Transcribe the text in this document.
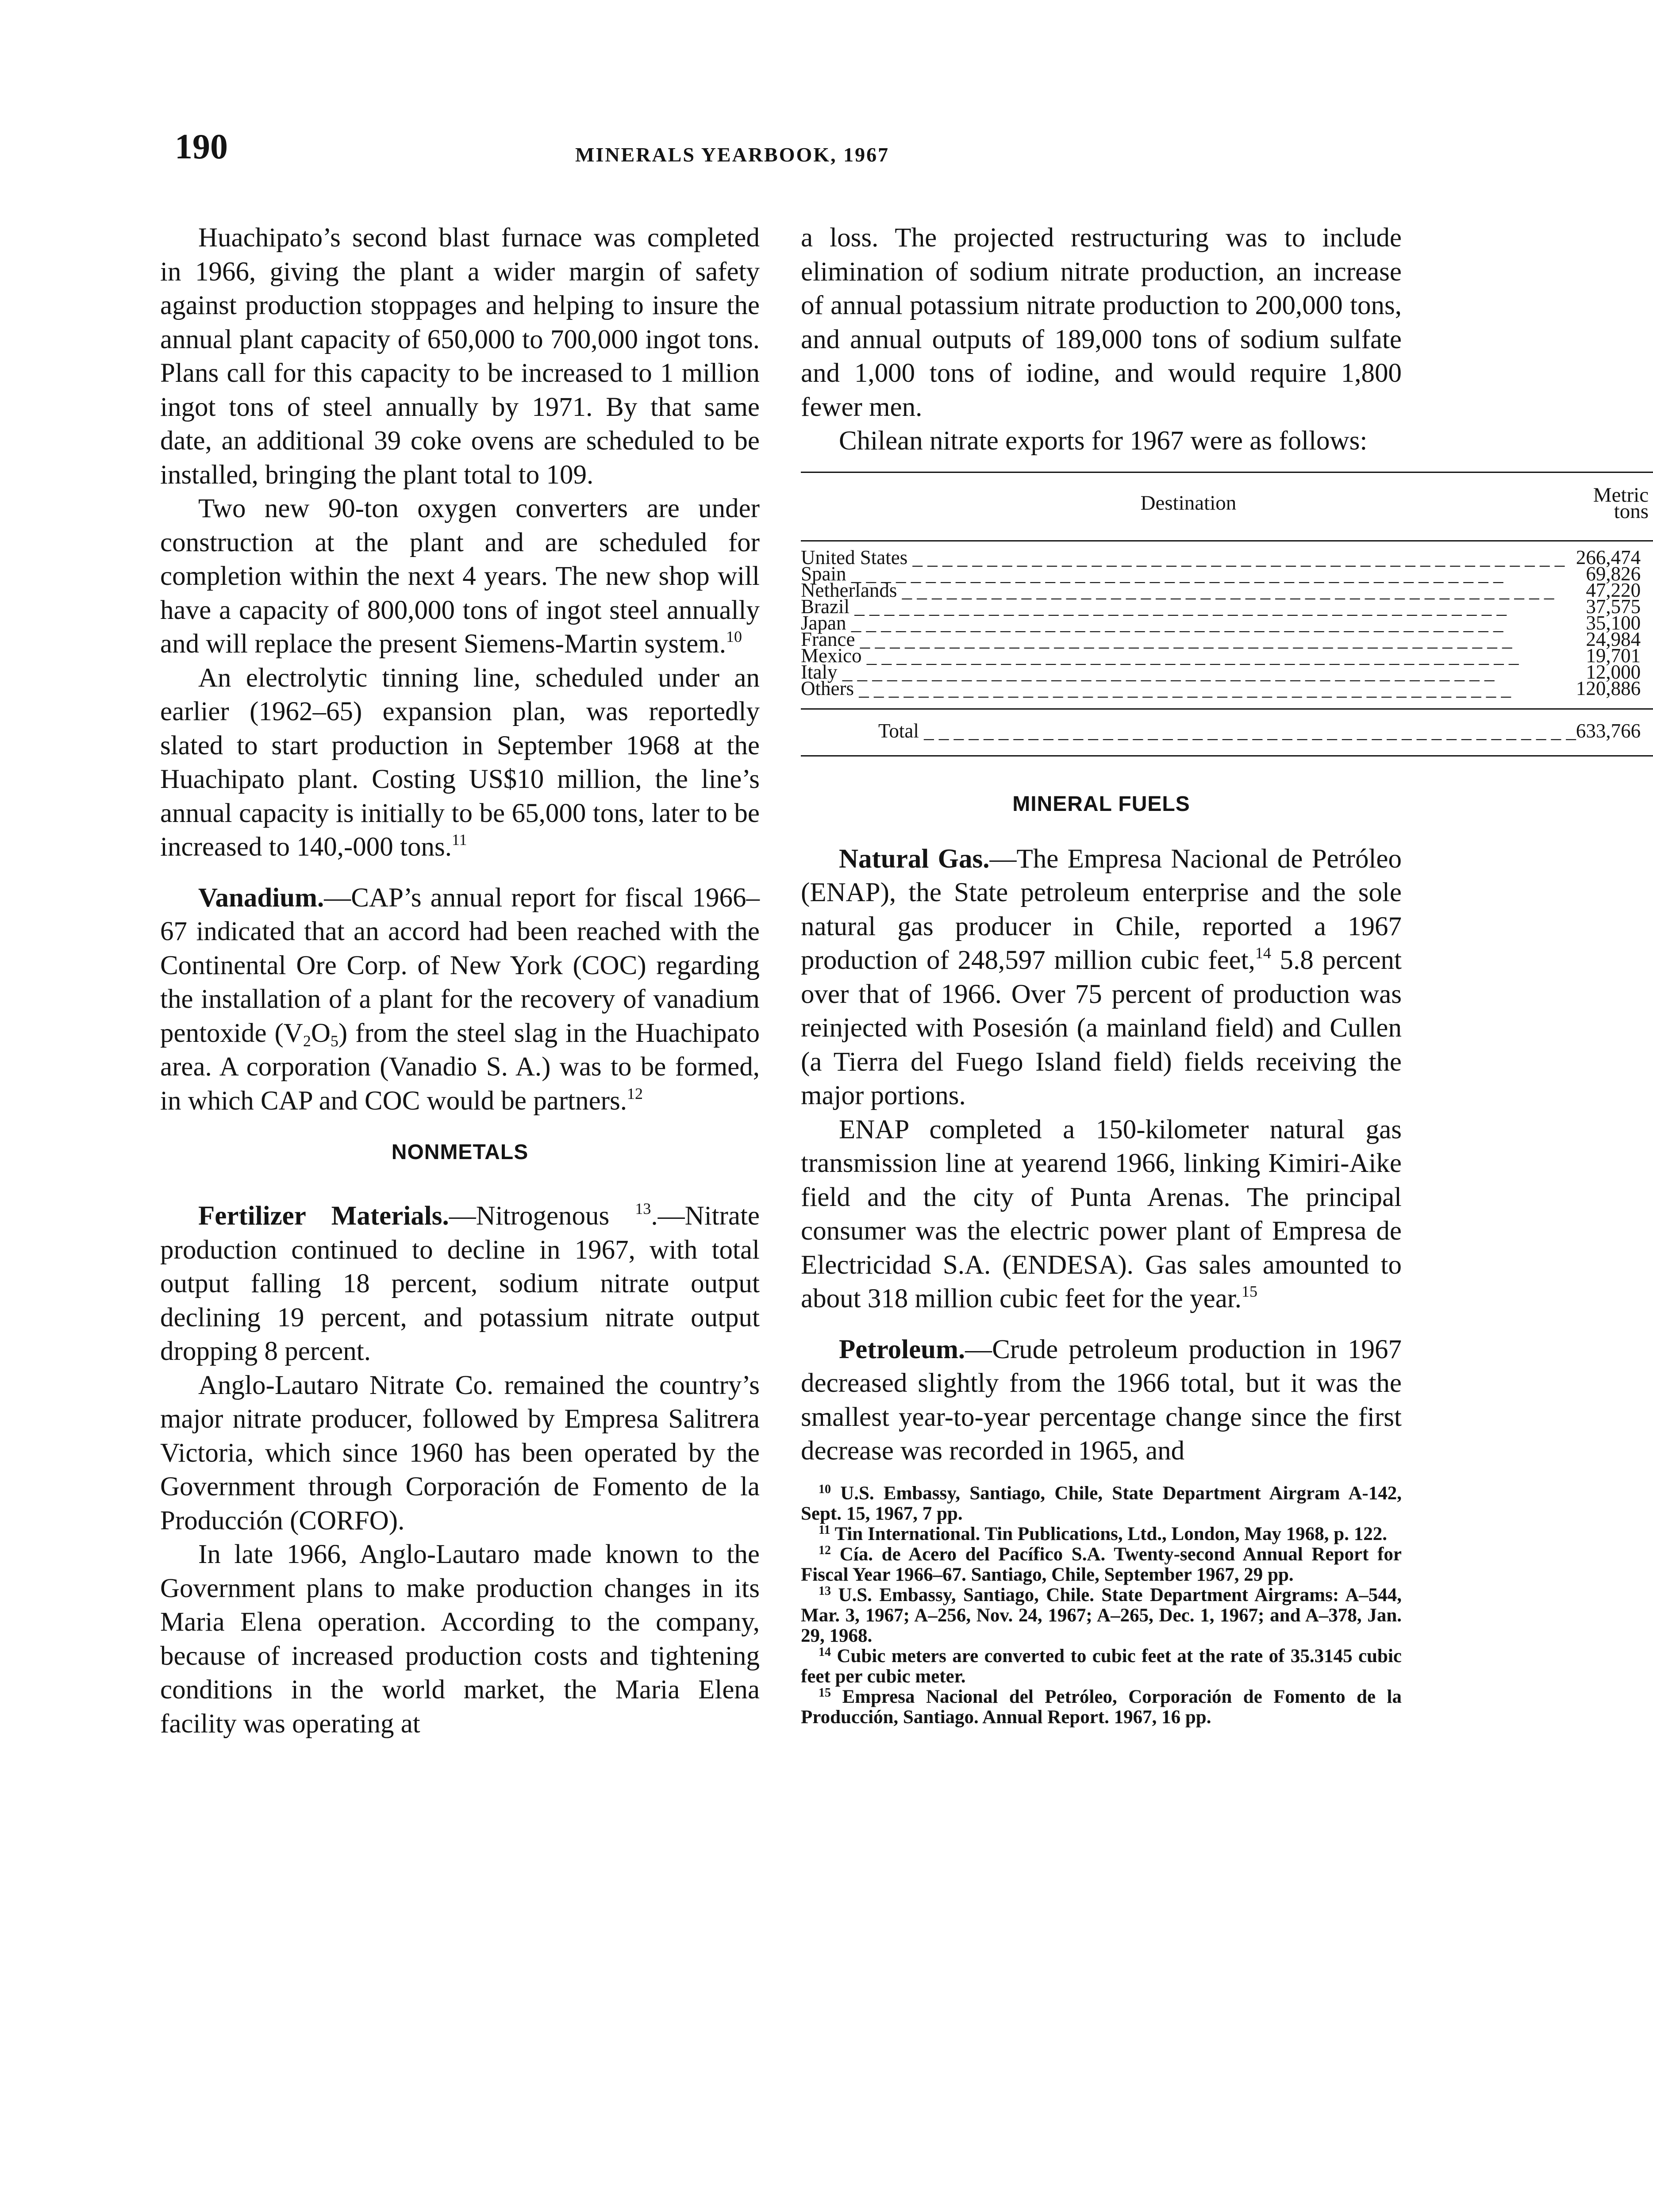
190	MINERALS YEARBOOK, 1967

Huachipato’s second blast furnace was completed in 1966, giving the plant a wider margin of safety against production stoppages and helping to insure the annual plant capacity of 650,000 to 700,000 ingot tons. Plans call for this capacity to be increased to 1 million ingot tons of steel annually by 1971. By that same date, an additional 39 coke ovens are scheduled to be installed, bringing the plant total to 109.

Two new 90-ton oxygen converters are under construction at the plant and are scheduled for completion within the next 4 years. The new shop will have a capacity of 800,000 tons of ingot steel annually and will replace the present Siemens-Martin system.$^{10}$

An electrolytic tinning line, scheduled under an earlier (1962–65) expansion plan, was reportedly slated to start production in September 1968 at the Huachipato plant. Costing US$10 million, the line’s annual capacity is initially to be 65,000 tons, later to be increased to 140,-000 tons.$^{11}$

Vanadium.—CAP’s annual report for fiscal 1966–67 indicated that an accord had been reached with the Continental Ore Corp. of New York (COC) regarding the installation of a plant for the recovery of vanadium pentoxide $(V_2O_5)$ from the steel slag in the Huachipato area. A corporation (Vanadio S. A.) was to be formed, in which CAP and COC would be partners.$^{12}$

NONMETALS

Fertilizer Materials.—Nitrogenous $^{13}$.—Nitrate production continued to decline in 1967, with total output falling 18 percent, sodium nitrate output declining 19 percent, and potassium nitrate output dropping 8 percent.

Anglo-Lautaro Nitrate Co. remained the country’s major nitrate producer, followed by Empresa Salitrera Victoria, which since 1960 has been operated by the Government through Corporación de Fomento de la Producción (CORFO).

In late 1966, Anglo-Lautaro made known to the Government plans to make production changes in its Maria Elena operation. According to the company, because of increased production costs and tightening conditions in the world market, the Maria Elena facility was operating at

a loss. The projected restructuring was to include elimination of sodium nitrate production, an increase of annual potassium nitrate production to 200,000 tons, and annual outputs of 189,000 tons of sodium sulfate and 1,000 tons of iodine, and would require 1,800 fewer men.

Chilean nitrate exports for 1967 were as follows:

Destination	Metric tons
United States _ _ _	266,474
Spain _ _ _	69,826
Netherlands _ _ _	47,220
Brazil _ _ _	37,575
Japan _ _ _	35,100
France _ _ _	24,984
Mexico _ _ _	19,701
Italy _ _ _	12,000
Others _ _ _	120,886
Total _ _ _	633,766
MINERAL FUELS

Natural Gas.—The Empresa Nacional de Petróleo (ENAP), the State petroleum enterprise and the sole natural gas producer in Chile, reported a 1967 production of 248,597 million cubic feet,$^{14}$ 5.8 percent over that of 1966. Over 75 percent of production was reinjected with Posesión (a mainland field) and Cullen (a Tierra del Fuego Island field) fields receiving the major portions.

ENAP completed a 150-kilometer natural gas transmission line at yearend 1966, linking Kimiri-Aike field and the city of Punta Arenas. The principal consumer was the electric power plant of Empresa de Electricidad S.A. (ENDESA). Gas sales amounted to about 318 million cubic feet for the year.$^{15}$

Petroleum.—Crude petroleum production in 1967 decreased slightly from the 1966 total, but it was the smallest year-to-year percentage change since the first decrease was recorded in 1965, and

$^{10}$ U.S. Embassy, Santiago, Chile, State Department Airgram A-142, Sept. 15, 1967, 7 pp.

$^{11}$ Tin International. Tin Publications, Ltd., London, May 1968, p. 122.

$^{12}$ Cía. de Acero del Pacífico S.A. Twenty-second Annual Report for Fiscal Year 1966–67. Santiago, Chile, September 1967, 29 pp.

$^{13}$ U.S. Embassy, Santiago, Chile. State Department Airgrams: A–544, Mar. 3, 1967; A–256, Nov. 24, 1967; A–265, Dec. 1, 1967; and A–378, Jan. 29, 1968.

$^{14}$ Cubic meters are converted to cubic feet at the rate of 35.3145 cubic feet per cubic meter.

$^{15}$ Empresa Nacional del Petróleo, Corporación de Fomento de la Producción, Santiago. Annual Report. 1967, 16 pp.
